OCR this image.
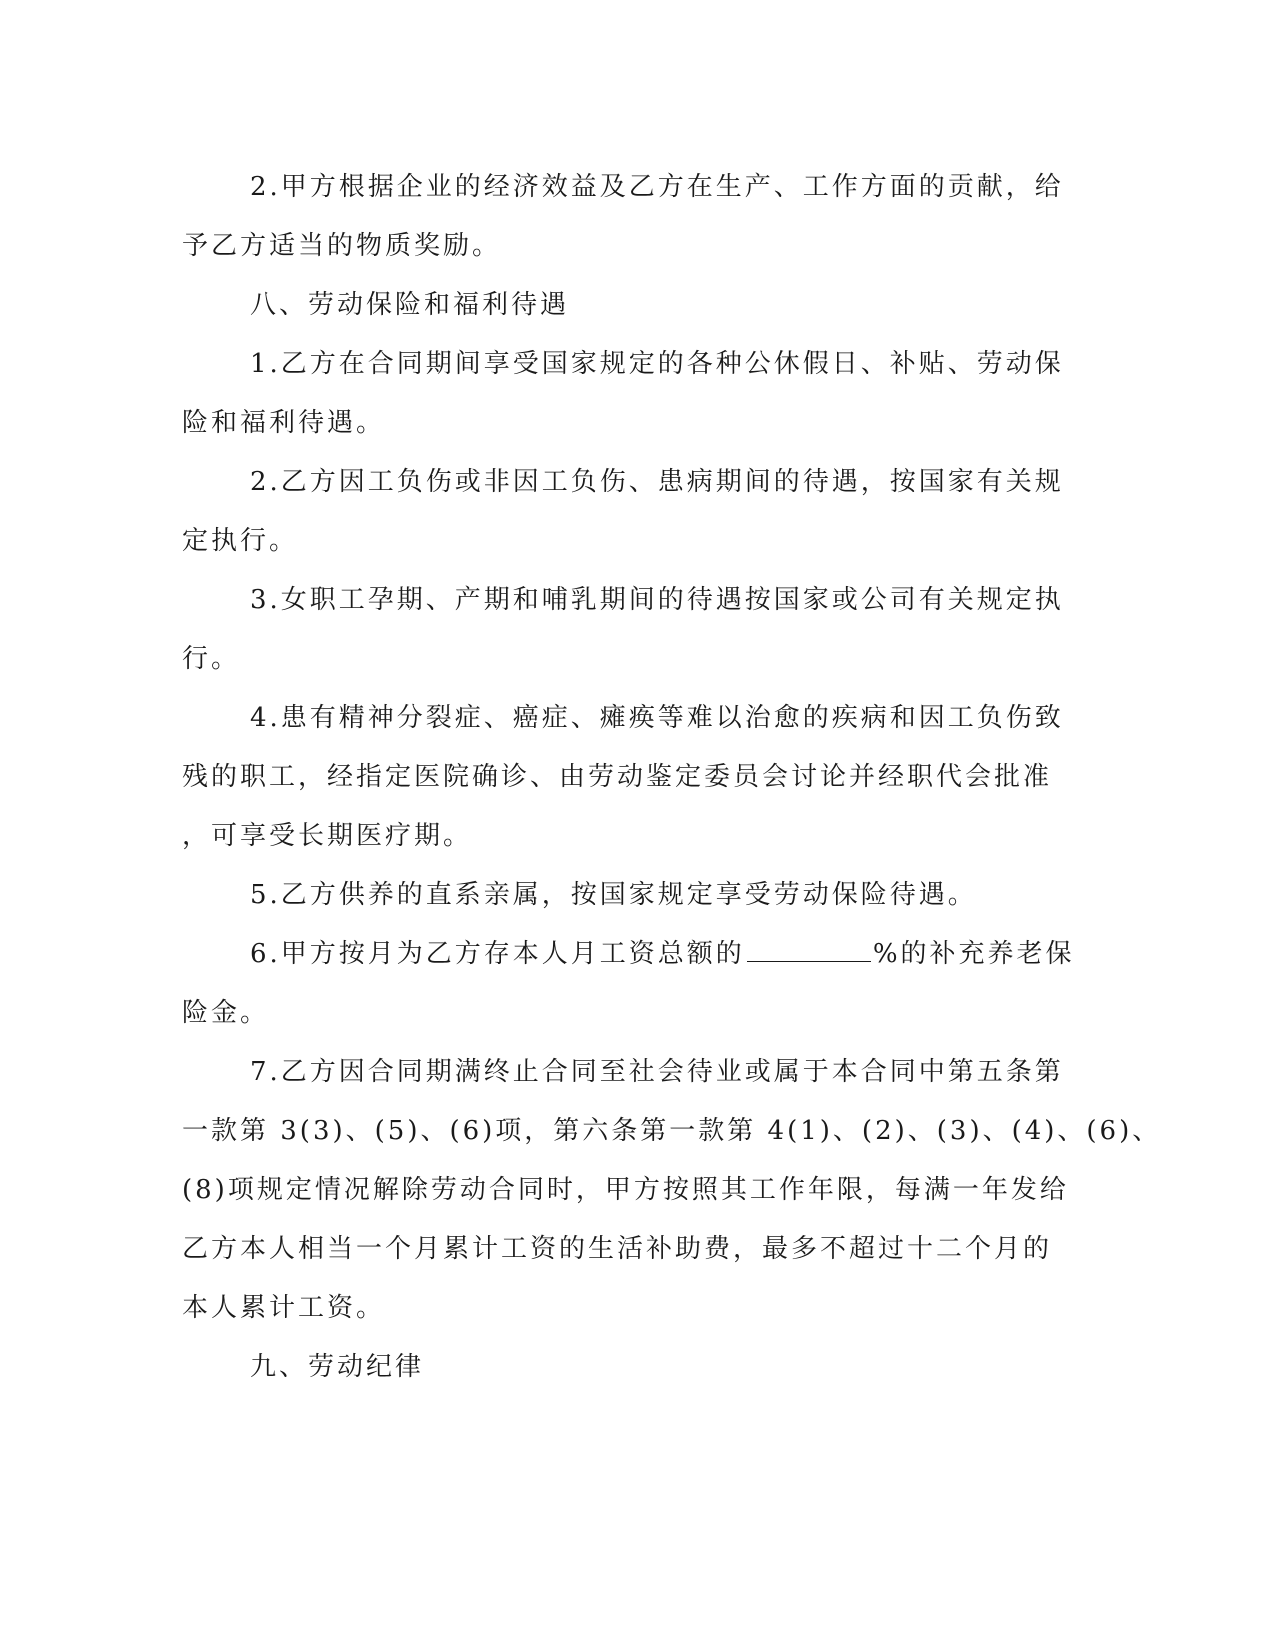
2.甲方根据企业的经济效益及乙方在生产、工作方面的贡献，给
予乙方适当的物质奖励。
八、劳动保险和福利待遇
1.乙方在合同期间享受国家规定的各种公休假日、补贴、劳动保
险和福利待遇。
2.乙方因工负伤或非因工负伤、患病期间的待遇，按国家有关规
定执行。
3.女职工孕期、产期和哺乳期间的待遇按国家或公司有关规定执
行。
4.患有精神分裂症、癌症、瘫痪等难以治愈的疾病和因工负伤致
残的职工，经指定医院确诊、由劳动鉴定委员会讨论并经职代会批准
，可享受长期医疗期。
5.乙方供养的直系亲属，按国家规定享受劳动保险待遇。
6.甲方按月为乙方存本人月工资总额的	%的补充养老保
险金。
7.乙方因合同期满终止合同至社会待业或属于本合同中第五条第
一款第 3(3)、(5)、(6)项，第六条第一款第 4(1)、(2)、(3)、(4)、(6)、
(8)项规定情况解除劳动合同时，甲方按照其工作年限，每满一年发给
乙方本人相当一个月累计工资的生活补助费，最多不超过十二个月的
本人累计工资。
九、劳动纪律
